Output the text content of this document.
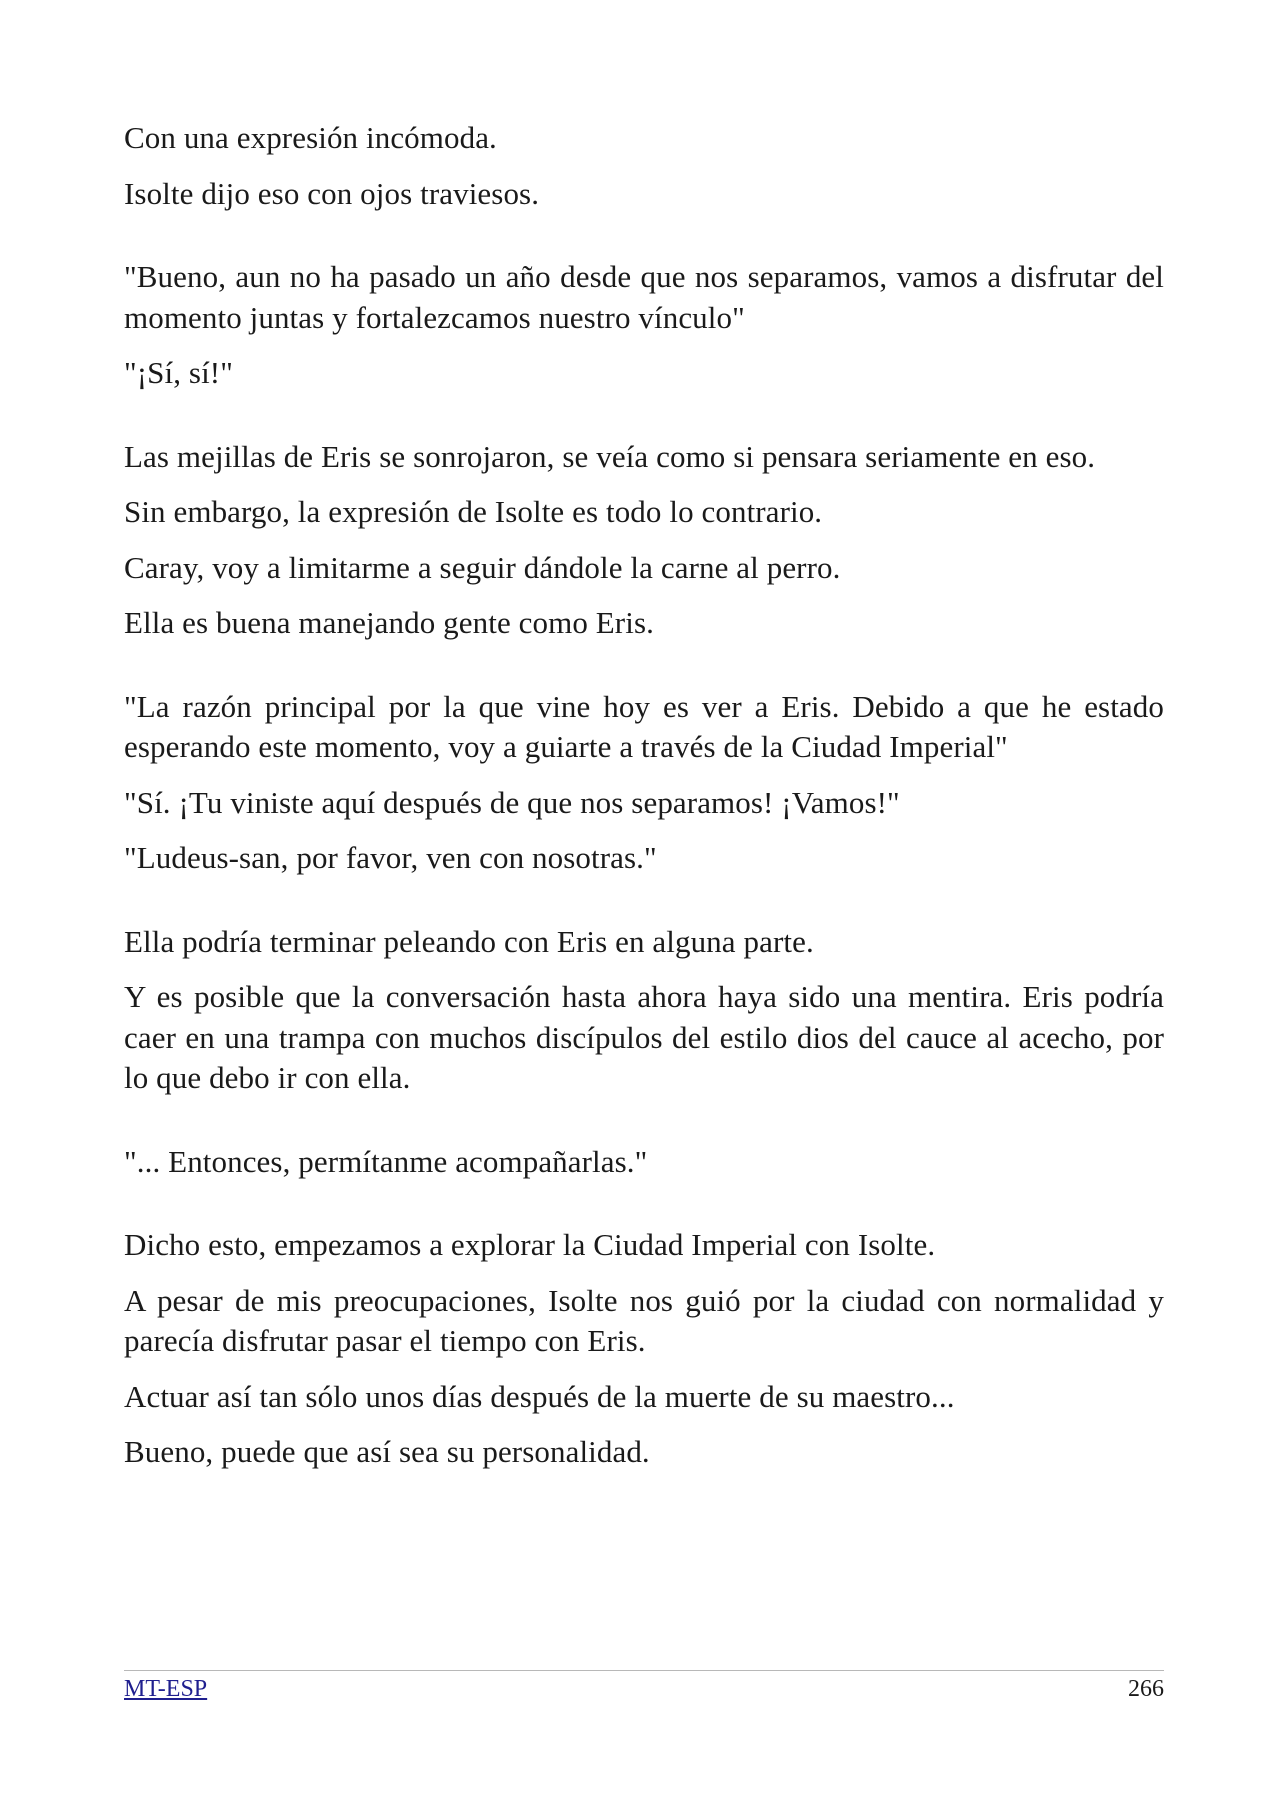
Con una expresión incómoda.

Isolte dijo eso con ojos traviesos.

"Bueno, aun no ha pasado un año desde que nos separamos, vamos a disfrutar del momento juntas y fortalezcamos nuestro vínculo"

"¡Sí, sí!"

Las mejillas de Eris se sonrojaron, se veía como si pensara seriamente en eso.

Sin embargo, la expresión de Isolte es todo lo contrario.

Caray, voy a limitarme a seguir dándole la carne al perro.

Ella es buena manejando gente como Eris.

"La razón principal por la que vine hoy es ver a Eris. Debido a que he estado esperando este momento, voy a guiarte a través de la Ciudad Imperial"

"Sí. ¡Tu viniste aquí después de que nos separamos! ¡Vamos!"

"Ludeus-san, por favor, ven con nosotras."

Ella podría terminar peleando con Eris en alguna parte.

Y es posible que la conversación hasta ahora haya sido una mentira. Eris podría caer en una trampa con muchos discípulos del estilo dios del cauce al acecho, por lo que debo ir con ella.

"... Entonces, permítanme acompañarlas."

Dicho esto, empezamos a explorar la Ciudad Imperial con Isolte.

A pesar de mis preocupaciones, Isolte nos guió por la ciudad con normalidad y parecía disfrutar pasar el tiempo con Eris.

Actuar así tan sólo unos días después de la muerte de su maestro...

Bueno, puede que así sea su personalidad.

MT-ESP	266
